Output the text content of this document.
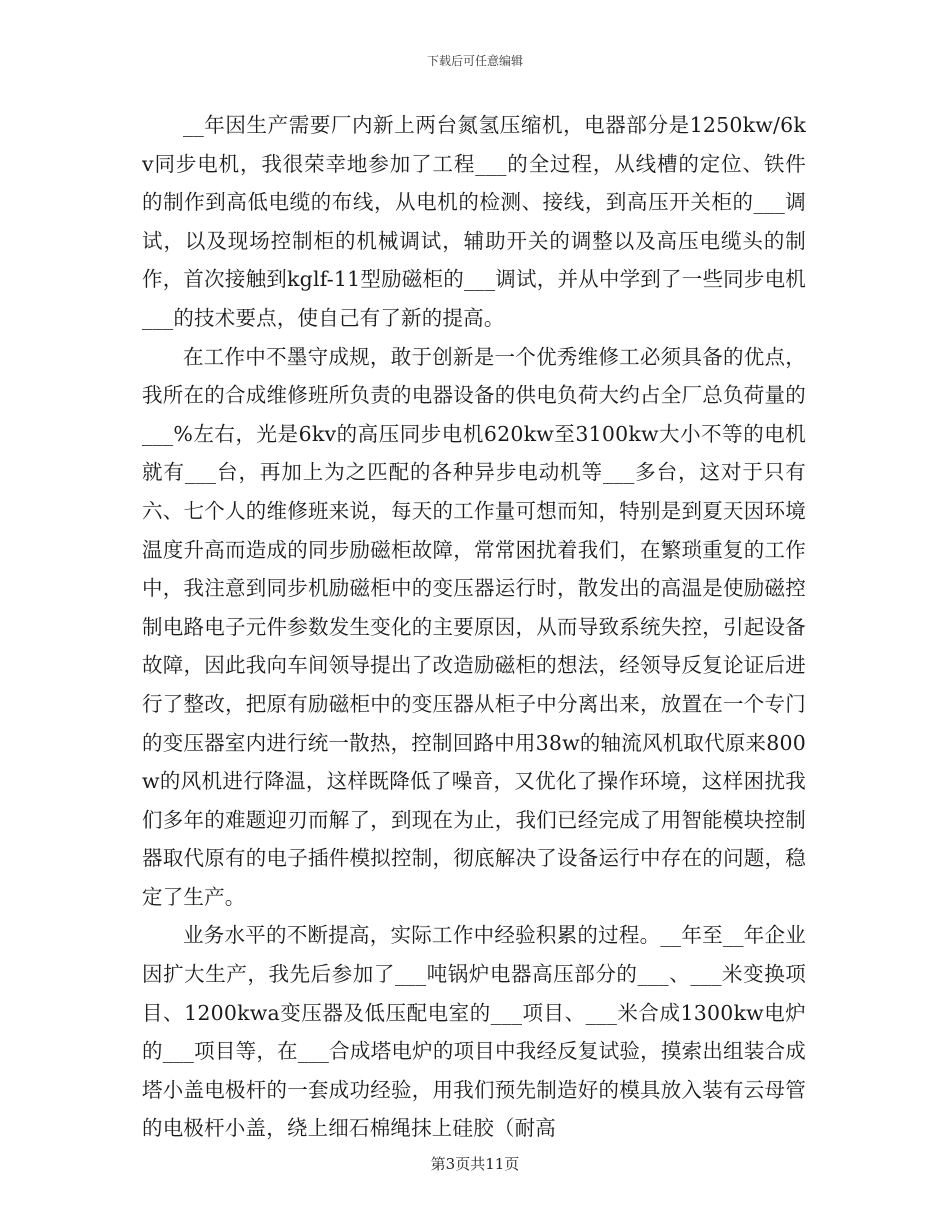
下载后可任意编辑

__年因生产需要厂内新上两台氮氢压缩机，电器部分是1250kw/6kv同步电机，我很荣幸地参加了工程___的全过程，从线槽的定位、铁件的制作到高低电缆的布线，从电机的检测、接线，到高压开关柜的___调试，以及现场控制柜的机械调试，辅助开关的调整以及高压电缆头的制作，首次接触到kglf-11型励磁柜的___调试，并从中学到了一些同步电机___的技术要点，使自己有了新的提高。

在工作中不墨守成规，敢于创新是一个优秀维修工必须具备的优点，我所在的合成维修班所负责的电器设备的供电负荷大约占全厂总负荷量的___%左右，光是6kv的高压同步电机620kw至3100kw大小不等的电机就有___台，再加上为之匹配的各种异步电动机等___多台，这对于只有六、七个人的维修班来说，每天的工作量可想而知，特别是到夏天因环境温度升高而造成的同步励磁柜故障，常常困扰着我们，在繁琐重复的工作中，我注意到同步机励磁柜中的变压器运行时，散发出的高温是使励磁控制电路电子元件参数发生变化的主要原因，从而导致系统失控，引起设备故障，因此我向车间领导提出了改造励磁柜的想法，经领导反复论证后进行了整改，把原有励磁柜中的变压器从柜子中分离出来，放置在一个专门的变压器室内进行统一散热，控制回路中用38w的轴流风机取代原来800w的风机进行降温，这样既降低了噪音，又优化了操作环境，这样困扰我们多年的难题迎刃而解了，到现在为止，我们已经完成了用智能模块控制器取代原有的电子插件模拟控制，彻底解决了设备运行中存在的问题，稳定了生产。

业务水平的不断提高，实际工作中经验积累的过程。__年至__年企业因扩大生产，我先后参加了___吨锅炉电器高压部分的___、___米变换项目、1200kwa变压器及低压配电室的___项目、___米合成1300kw电炉的___项目等，在___合成塔电炉的项目中我经反复试验，摸索出组装合成塔小盖电极杆的一套成功经验，用我们预先制造好的模具放入装有云母管的电极杆小盖，绕上细石棉绳抹上硅胶（耐高

第3页共11页
